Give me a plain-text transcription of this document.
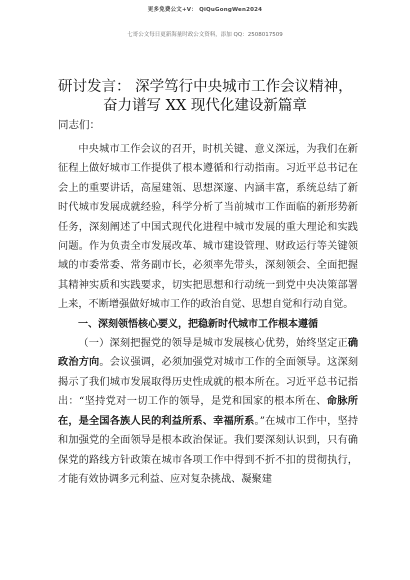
更多免费公文+V： QiQuGongWen2024
七哥公文每日更新海量时政公文资料，添加 QQ：2508017509
研讨发言： 深学笃行中央城市工作会议精神，
奋力谱写 XX 现代化建设新篇章
同志们：

中央城市工作会议的召开，时机关键、意义深远，为我们在新征程上做好城市工作提供了根本遵循和行动指南。习近平总书记在会上的重要讲话，高屋建瓴、思想深邃、内涵丰富，系统总结了新时代城市发展成就经验，科学分析了当前城市工作面临的新形势新任务，深刻阐述了中国式现代化进程中城市发展的重大理论和实践问题。作为负责全市发展改革、城市建设管理、财政运行等关键领域的市委常委、常务副市长，必须率先带头，深刻领会、全面把握其精神实质和实践要求，切实把思想和行动统一到党中央决策部署上来，不断增强做好城市工作的政治自觉、思想自觉和行动自觉。

一、深刻领悟核心要义，把稳新时代城市工作根本遵循

（一）深刻把握党的领导是城市发展核心优势，始终坚定正确政治方向。会议强调，必须加强党对城市工作的全面领导。这深刻揭示了我们城市发展取得历史性成就的根本所在。习近平总书记指出：“坚持党对一切工作的领导，是党和国家的根本所在、命脉所在，是全国各族人民的利益所系、幸福所系。”在城市工作中，坚持和加强党的全面领导是根本政治保证。我们要深刻认识到，只有确保党的路线方针政策在城市各项工作中得到不折不扣的贯彻执行，才能有效协调多元利益、应对复杂挑战、凝聚建
